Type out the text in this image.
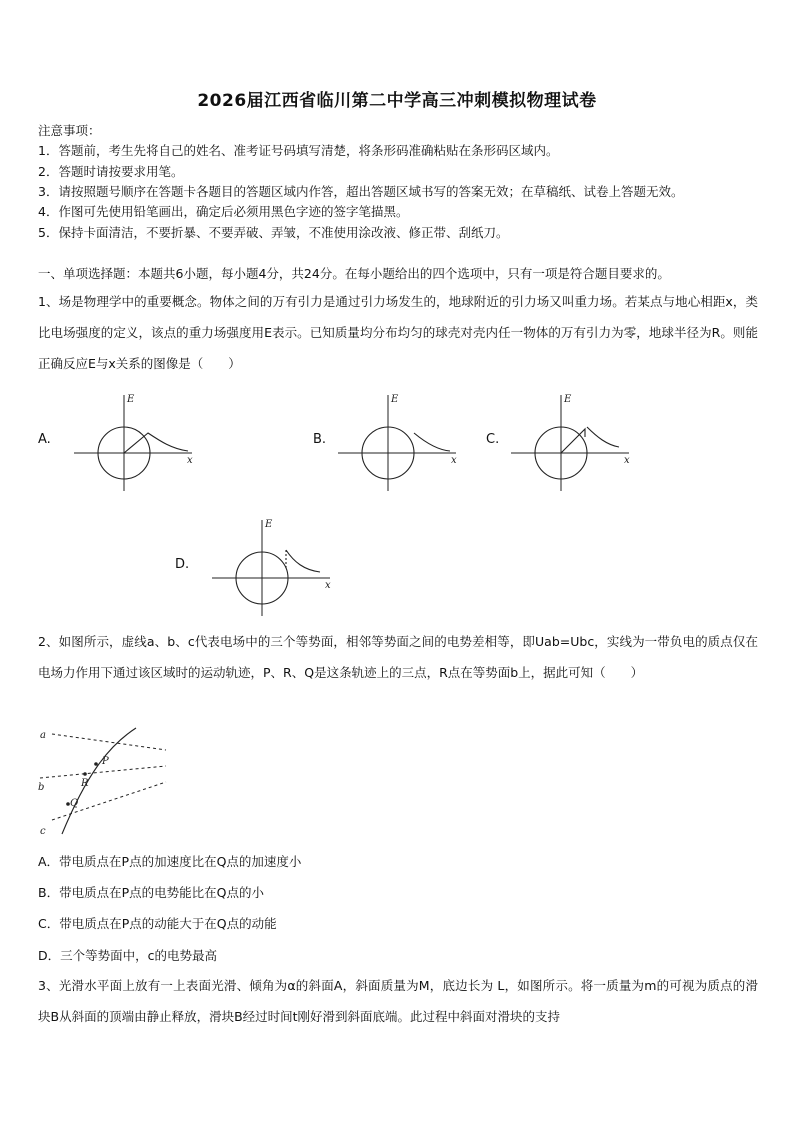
2026届江西省临川第二中学高三冲刺模拟物理试卷
注意事项：
1．答题前，考生先将自己的姓名、准考证号码填写清楚，将条形码准确粘贴在条形码区域内。
2．答题时请按要求用笔。
3．请按照题号顺序在答题卡各题目的答题区域内作答，超出答题区域书写的答案无效；在草稿纸、试卷上答题无效。
4．作图可先使用铅笔画出，确定后必须用黑色字迹的签字笔描黑。
5．保持卡面清洁，不要折暴、不要弄破、弄皱，不准使用涂改液、修正带、刮纸刀。
一、单项选择题：本题共6小题，每小题4分，共24分。在每小题给出的四个选项中，只有一项是符合题目要求的。
1、场是物理学中的重要概念。物体之间的万有引力是通过引力场发生的，地球附近的引力场又叫重力场。若某点与地心相距x，类比电场强度的定义，该点的重力场强度用E表示。已知质量均分布均匀的球壳对壳内任一物体的万有引力为零，地球半径为R。则能正确反应E与x关系的图像是（　　）
A.
E
x
B.
E
x
C.
E
x
D.
E
x
2、如图所示，虚线a、b、c代表电场中的三个等势面，相邻等势面之间的电势差相等，即Uab=Ubc，实线为一带负电的质点仅在电场力作用下通过该区域时的运动轨迹，P、R、Q是这条轨迹上的三点，R点在等势面b上，据此可知（　　）
a
b
c
P
R
Q
A．带电质点在P点的加速度比在Q点的加速度小
B．带电质点在P点的电势能比在Q点的小
C．带电质点在P点的动能大于在Q点的动能
D．三个等势面中，c的电势最高
3、光滑水平面上放有一上表面光滑、倾角为α的斜面A，斜面质量为M，底边长为 L，如图所示。将一质量为m的可视为质点的滑块B从斜面的顶端由静止释放，滑块B经过时间t刚好滑到斜面底端。此过程中斜面对滑块的支持
